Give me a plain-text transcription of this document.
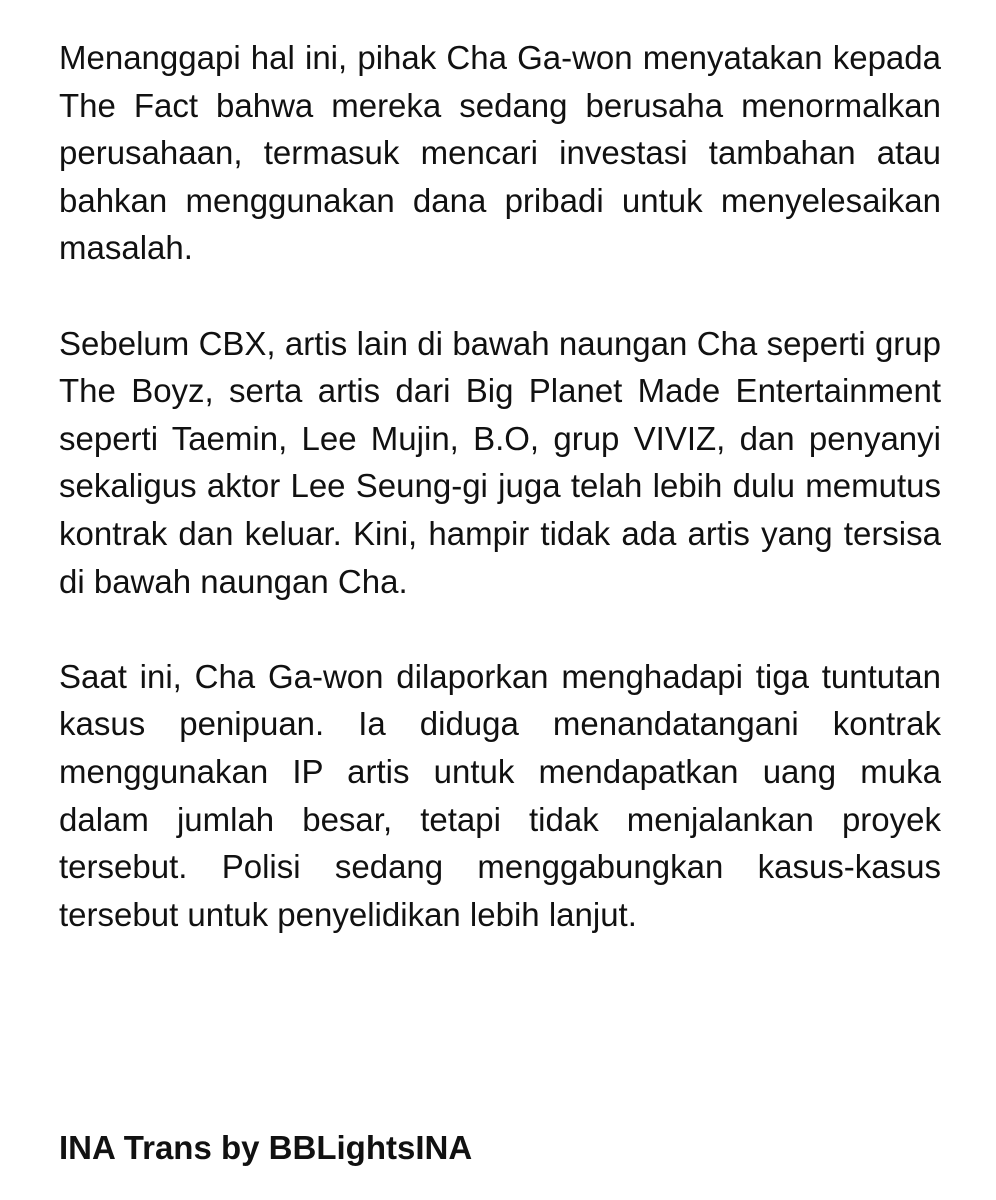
Menanggapi hal ini, pihak Cha Ga-won menyatakan kepada The Fact bahwa mereka sedang berusaha menormalkan perusahaan, termasuk mencari investasi tambahan atau bahkan menggunakan dana pribadi untuk menyelesaikan masalah.

Sebelum CBX, artis lain di bawah naungan Cha seperti grup The Boyz, serta artis dari Big Planet Made Entertainment seperti Taemin, Lee Mujin, B.O, grup VIVIZ, dan penyanyi sekaligus aktor Lee Seung-gi juga telah lebih dulu memutus kontrak dan keluar. Kini, hampir tidak ada artis yang tersisa di bawah naungan Cha.

Saat ini, Cha Ga-won dilaporkan menghadapi tiga tuntutan kasus penipuan. Ia diduga menandatangani kontrak menggunakan IP artis untuk mendapatkan uang muka dalam jumlah besar, tetapi tidak menjalankan proyek tersebut. Polisi sedang menggabungkan kasus-kasus tersebut untuk penyelidikan lebih lanjut.

INA Trans by BBLightsINA
